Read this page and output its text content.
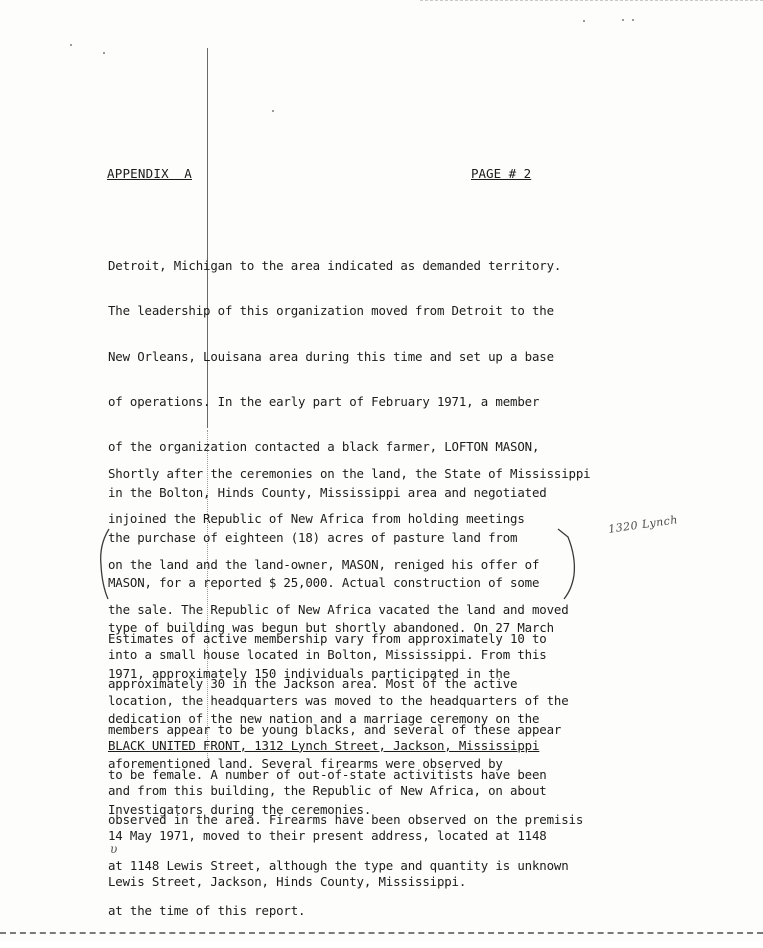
APPENDIX  A	PAGE # 2

Detroit, Michigan to the area indicated as demanded territory.

The leadership of this organization moved from Detroit to the

New Orleans, Louisana area during this time and set up a base

of operations. In the early part of February 1971, a member

of the organization contacted a black farmer, LOFTON MASON,

in the Bolton, Hinds County, Mississippi area and negotiated

the purchase of eighteen (18) acres of pasture land from

MASON, for a reported $ 25,000. Actual construction of some

type of building was begun but shortly abandoned. On 27 March

1971, approximately 150 individuals participated in the

dedication of the new nation and a marriage ceremony on the

aforementioned land. Several firearms were observed by

Investigators during the ceremonies.

Shortly after the ceremonies on the land, the State of Mississippi

injoined the Republic of New Africa from holding meetings

on the land and the land-owner, MASON, reniged his offer of

the sale. The Republic of New Africa vacated the land and moved

into a small house located in Bolton, Mississippi. From this

location, the headquarters was moved to the headquarters of the

BLACK UNITED FRONT, 1312 Lynch Street, Jackson, Mississippi

and from this building, the Republic of New Africa, on about

14 May 1971, moved to their present address, located at 1148

Lewis Street, Jackson, Hinds County, Mississippi.

Estimates of active membership vary from approximately 10 to

approximately 30 in the Jackson area. Most of the active

members appear to be young blacks, and several of these appear

to be female. A number of out-of-state activitists have been

observed in the area. Firearms have been observed on the premisis

at 1148 Lewis Street, although the type and quantity is unknown

at the time of this report.

1320 Lynch
υ
